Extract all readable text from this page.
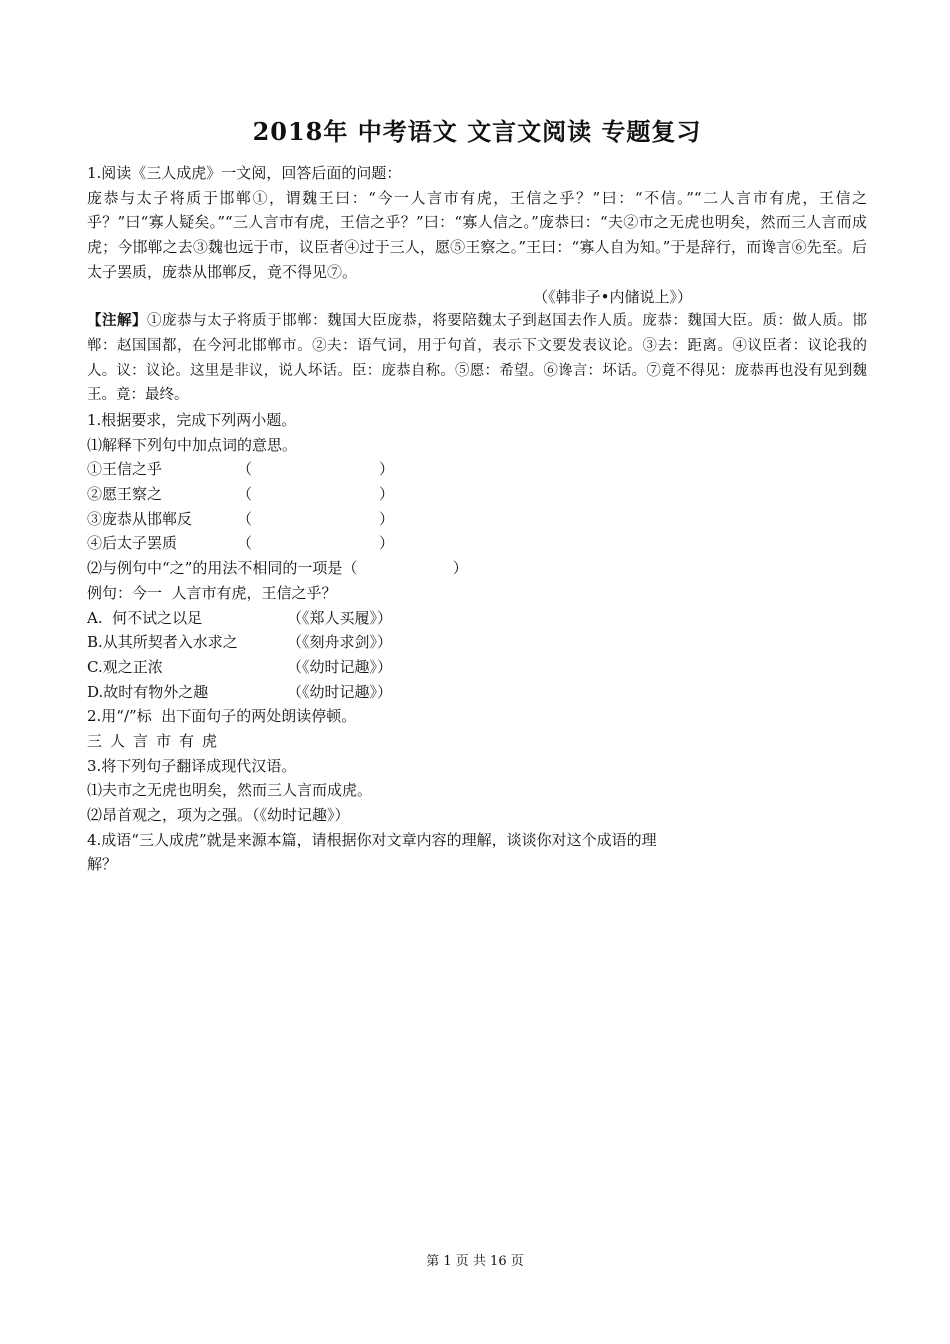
2018年 中考语文 文言文阅读 专题复习
1.阅读《三人成虎》一文阅，回答后面的问题：
庞恭与太子将质于邯郸①，谓魏王曰：“今一人言市有虎，王信之乎？”曰：“不信。”“二人言市有虎，王信之乎？”曰“寡人疑矣。”“三人言市有虎，王信之乎？”曰：“寡人信之。”庞恭曰：“夫②市之无虎也明矣，然而三人言而成虎；今邯郸之去③魏也远于市，议臣者④过于三人，愿⑤王察之。”王曰：“寡人自为知。”于是辞行，而谗言⑥先至。后太子罢质，庞恭从邯郸反，竟不得见⑦。
（《韩非子•内储说上》）
【注解】①庞恭与太子将质于邯郸：魏国大臣庞恭，将要陪魏太子到赵国去作人质。庞恭：魏国大臣。质：做人质。邯郸：赵国国都，在今河北邯郸市。②夫：语气词，用于句首，表示下文要发表议论。③去：距离。④议臣者：议论我的人。议：议论。这里是非议，说人坏话。臣：庞恭自称。⑤愿：希望。⑥谗言：坏话。⑦竟不得见：庞恭再也没有见到魏王。竟：最终。
1.根据要求，完成下列两小题。
⑴解释下列句中加点词的意思。
①王信之乎	（	）
②愿王察之	（	）
③庞恭从邯郸反	（	）
④后太子罢质	（	）
⑵与例句中“之”的用法不相同的一项是（                    ）
例句：今一  人言市有虎，王信之乎？
A.  何不试之以足	（《郑人买履》）
B.从其所契者入水求之	（《刻舟求剑》）
C.观之正浓	（《幼时记趣》）
D.故时有物外之趣	（《幼时记趣》）
2.用“/”标  出下面句子的两处朗读停顿。
三人言市有虎
3.将下列句子翻译成现代汉语。
⑴夫市之无虎也明矣，然而三人言而成虎。
⑵昂首观之，项为之强。（《幼时记趣》）
4.成语“三人成虎”就是来源本篇，请根据你对文章内容的理解，谈谈你对这个成语的理
解？
第 1 页 共 16 页
